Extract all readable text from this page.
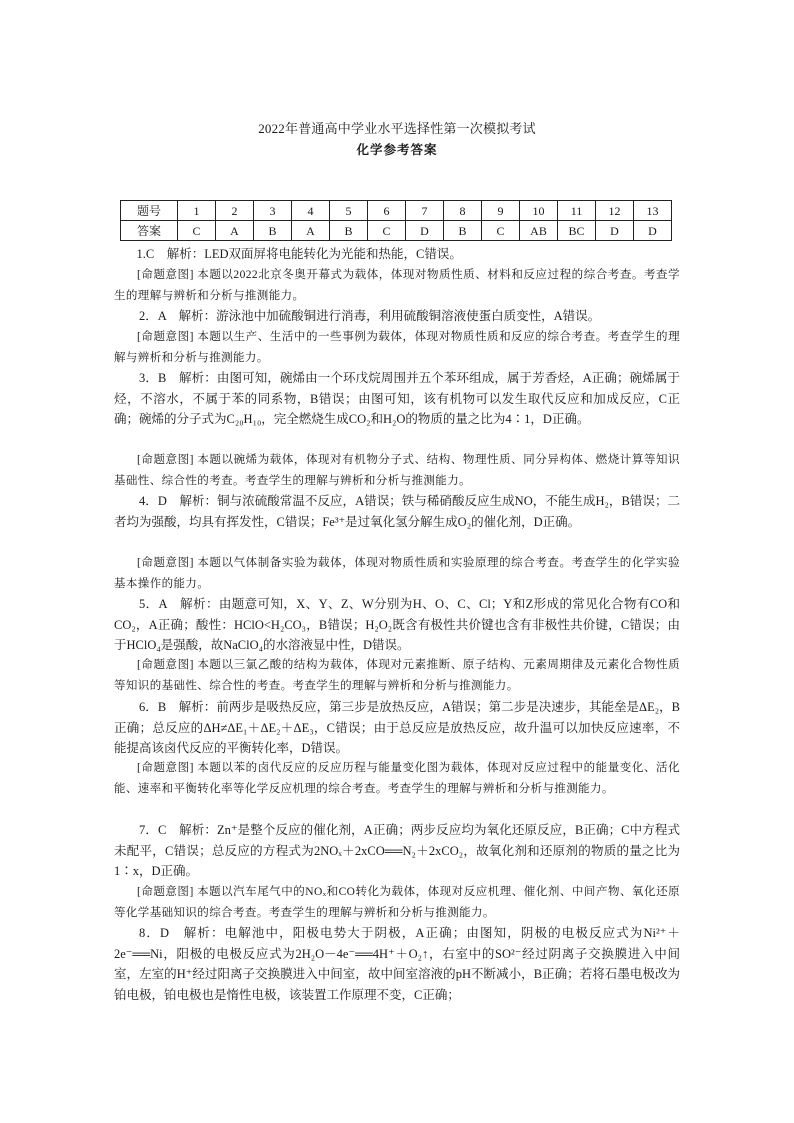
2022年普通高中学业水平选择性第一次模拟考试
化学参考答案
题号	1	2	3	4	5	6	7	8	9	10	11	12	13
答案	C	A	B	A	B	C	D	B	C	AB	BC	D	D
1.C　解析：LED双面屏将电能转化为光能和热能，C错误。
[命题意图] 本题以2022北京冬奥开幕式为载体，体现对物质性质、材料和反应过程的综合考查。考查学生的理解与辨析和分析与推测能力。
2．A　解析：游泳池中加硫酸铜进行消毒，利用硫酸铜溶液使蛋白质变性，A错误。
[命题意图] 本题以生产、生活中的一些事例为载体，体现对物质性质和反应的综合考查。考查学生的理解与辨析和分析与推测能力。
3．B　解析：由图可知，碗烯由一个环戊烷周围并五个苯环组成，属于芳香烃，A正确；碗烯属于烃，不溶水，不属于苯的同系物，B错误；由图可知，该有机物可以发生取代反应和加成反应，C正确；碗烯的分子式为C₂₀H₁₀，完全燃烧生成CO₂和H₂O的物质的量之比为4∶1，D正确。
[命题意图] 本题以碗烯为载体，体现对有机物分子式、结构、物理性质、同分异构体、燃烧计算等知识基础性、综合性的考查。考查学生的理解与辨析和分析与推测能力。
4．D　解析：铜与浓硫酸常温不反应，A错误；铁与稀硝酸反应生成NO，不能生成H₂，B错误；二者均为强酸，均具有挥发性，C错误；Fe³⁺是过氧化氢分解生成O₂的催化剂，D正确。
[命题意图] 本题以气体制备实验为载体，体现对物质性质和实验原理的综合考查。考查学生的化学实验基本操作的能力。
5．A　解析：由题意可知，X、Y、Z、W分别为H、O、C、Cl；Y和Z形成的常见化合物有CO和CO₂，A正确；酸性：HClO<H₂CO₃，B错误；H₂O₂既含有极性共价键也含有非极性共价键，C错误；由于HClO₄是强酸，故NaClO₄的水溶液显中性，D错误。
[命题意图] 本题以三氯乙酸的结构为载体，体现对元素推断、原子结构、元素周期律及元素化合物性质等知识的基础性、综合性的考查。考查学生的理解与辨析和分析与推测能力。
6．B　解析：前两步是吸热反应，第三步是放热反应，A错误；第二步是决速步，其能垒是ΔE₂，B正确；总反应的ΔH≠ΔE₁＋ΔE₂＋ΔE₃，C错误；由于总反应是放热反应，故升温可以加快反应速率，不能提高该卤代反应的平衡转化率，D错误。
[命题意图] 本题以苯的卤代反应的反应历程与能量变化图为载体，体现对反应过程中的能量变化、活化能、速率和平衡转化率等化学反应机理的综合考查。考查学生的理解与辨析和分析与推测能力。
7．C　解析：Zn⁺是整个反应的催化剂，A正确；两步反应均为氧化还原反应，B正确；C中方程式未配平，C错误；总反应的方程式为2NOₓ＋2xCO══N₂＋2xCO₂，故氧化剂和还原剂的物质的量之比为1∶x，D正确。
[命题意图] 本题以汽车尾气中的NOₓ和CO转化为载体，体现对反应机理、催化剂、中间产物、氧化还原等化学基础知识的综合考查。考查学生的理解与辨析和分析与推测能力。
8．D　解析：电解池中，阳极电势大于阴极，A正确；由图知，阴极的电极反应式为Ni²⁺＋2e⁻══Ni，阳极的电极反应式为2H₂O－4e⁻══4H⁺＋O₂↑，右室中的SO²⁻经过阴离子交换膜进入中间室，左室的H⁺经过阳离子交换膜进入中间室，故中间室溶液的pH不断减小，B正确；若将石墨电极改为铂电极，铂电极也是惰性电极，该装置工作原理不变，C正确；
